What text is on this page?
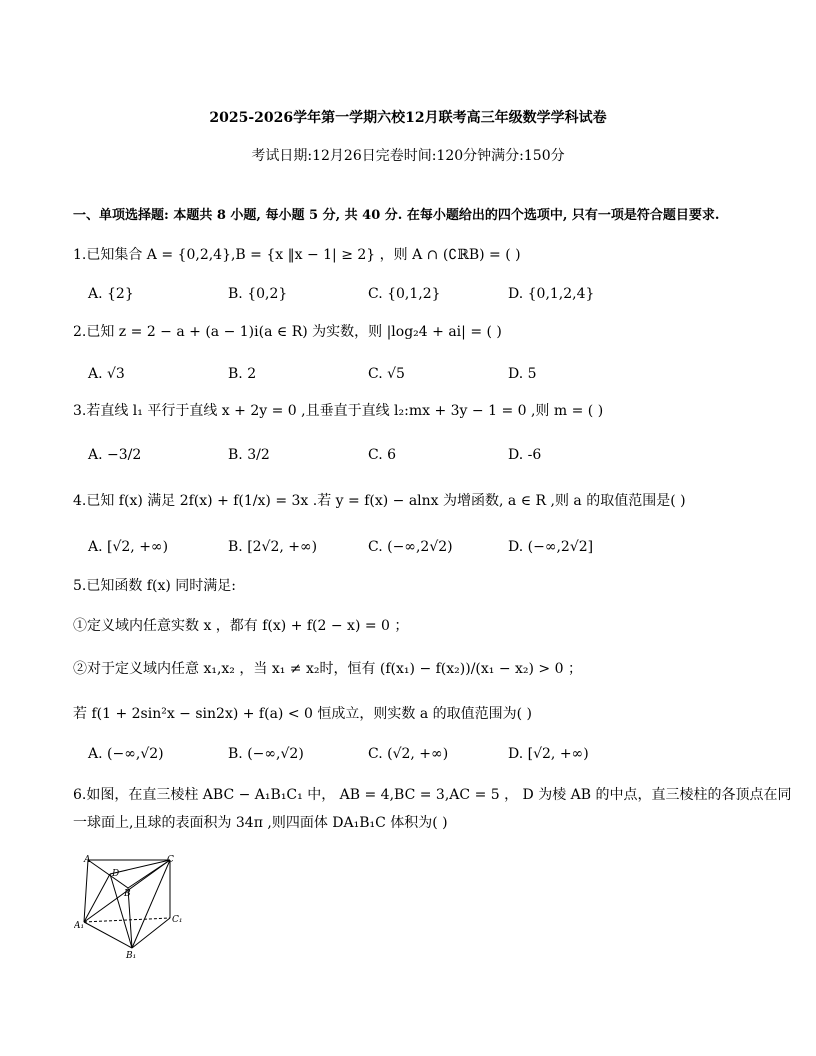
2025-2026学年第一学期六校12月联考高三年级数学学科试卷
考试日期:12月26日完卷时间:120分钟满分:150分
一、单项选择题: 本题共 8 小题, 每小题 5 分, 共 40 分. 在每小题给出的四个选项中, 只有一项是符合题目要求.
1.已知集合 A = {0,2,4},B = {x ‖x − 1| ≥ 2} ，则 A ∩ (∁ℝB) = ( )
A. {2}	B. {0,2}	C. {0,1,2}	D. {0,1,2,4}
2.已知 z = 2 − a + (a − 1)i(a ∈ R) 为实数，则 |log₂4 + ai| = ( )
A. √3	B. 2	C. √5	D. 5
3.若直线 l₁ 平行于直线 x + 2y = 0 ,且垂直于直线 l₂:mx + 3y − 1 = 0 ,则 m = ( )
A. −3/2	B. 3/2	C. 6	D. -6
4.已知 f(x) 满足 2f(x) + f(1/x) = 3x .若 y = f(x) − alnx 为增函数, a ∈ R ,则 a 的取值范围是( )
A. [√2, +∞)	B. [2√2, +∞)	C. (−∞,2√2)	D. (−∞,2√2]
5.已知函数 f(x) 同时满足:
①定义域内任意实数 x ，都有 f(x) + f(2 − x) = 0 ；
②对于定义域内任意 x₁,x₂ ，当 x₁ ≠ x₂时，恒有 (f(x₁) − f(x₂))/(x₁ − x₂) > 0 ；
若 f(1 + 2sin²x − sin2x) + f(a) < 0 恒成立，则实数 a 的取值范围为( )
A. (−∞,√2)	B. (−∞,√2)	C. (√2, +∞)	D. [√2, +∞)
6.如图，在直三棱柱 ABC − A₁B₁C₁ 中， AB = 4,BC = 3,AC = 5 ， D 为棱 AB 的中点，直三棱柱的各顶点在同
一球面上,且球的表面积为 34π ,则四面体 DA₁B₁C 体积为( )
A	C
D
B
A₁
C₁
B₁
